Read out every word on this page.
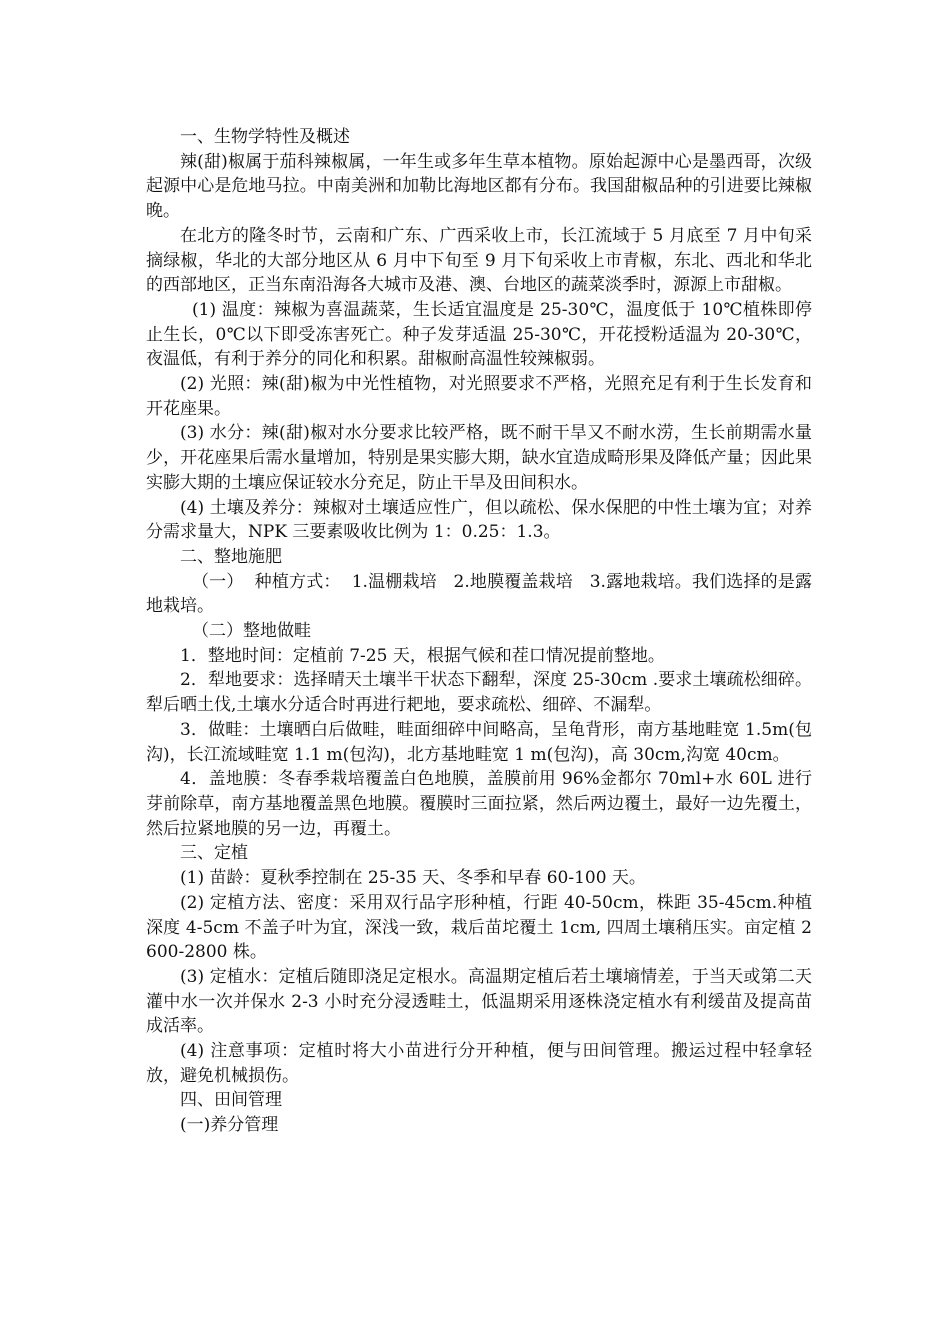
一、生物学特性及概述

辣(甜)椒属于茄科辣椒属，一年生或多年生草本植物。原始起源中心是墨西哥，次级起源中心是危地马拉。中南美洲和加勒比海地区都有分布。我国甜椒品种的引进要比辣椒晚。

在北方的隆冬时节，云南和广东、广西采收上市，长江流域于 5 月底至 7 月中旬采摘绿椒，华北的大部分地区从 6 月中下旬至 9 月下旬采收上市青椒，东北、西北和华北的西部地区，正当东南沿海各大城市及港、澳、台地区的蔬菜淡季时，源源上市甜椒。

(1) 温度：辣椒为喜温蔬菜，生长适宜温度是 25-30℃，温度低于 10℃植株即停止生长，0℃以下即受冻害死亡。种子发芽适温 25-30℃，开花授粉适温为 20-30℃，夜温低，有利于养分的同化和积累。甜椒耐高温性较辣椒弱。

(2) 光照：辣(甜)椒为中光性植物，对光照要求不严格，光照充足有利于生长发育和开花座果。

(3) 水分：辣(甜)椒对水分要求比较严格，既不耐干旱又不耐水涝，生长前期需水量少，开花座果后需水量增加，特别是果实膨大期，缺水宜造成畸形果及降低产量；因此果实膨大期的土壤应保证较水分充足，防止干旱及田间积水。

(4) 土壤及养分：辣椒对土壤适应性广，但以疏松、保水保肥的中性土壤为宜；对养分需求量大，NPK 三要素吸收比例为 1：0.25：1.3。

二、整地施肥

（一）  种植方式：  1.温棚栽培   2.地膜覆盖栽培   3.露地栽培。我们选择的是露地栽培。

（二）整地做畦

1．整地时间：定植前 7-25 天，根据气候和茬口情况提前整地。

2．犁地要求：选择晴天土壤半干状态下翻犁，深度 25-30cm .要求土壤疏松细碎。犁后晒土伐,土壤水分适合时再进行耙地，要求疏松、细碎、不漏犁。

3．做畦：土壤晒白后做畦，畦面细碎中间略高，呈龟背形，南方基地畦宽 1.5m(包沟)，长江流域畦宽 1.1 m(包沟)，北方基地畦宽 1 m(包沟)，高 30cm,沟宽 40cm。

4．盖地膜：冬春季栽培覆盖白色地膜，盖膜前用 96%金都尔 70ml+水 60L 进行芽前除草，南方基地覆盖黑色地膜。覆膜时三面拉紧，然后两边覆土，最好一边先覆土，然后拉紧地膜的另一边，再覆土。

三、定植

(1) 苗龄：夏秋季控制在 25-35 天、冬季和早春 60-100 天。

(2) 定植方法、密度：采用双行品字形种植，行距 40-50cm，株距 35-45cm.种植深度 4-5cm 不盖子叶为宜，深浅一致，栽后苗坨覆土 1cm, 四周土壤稍压实。亩定植 2600-2800 株。

(3) 定植水：定植后随即浇足定根水。高温期定植后若土壤墒情差，于当天或第二天灌中水一次并保水 2-3 小时充分浸透畦土，低温期采用逐株浇定植水有利缓苗及提高苗成活率。

(4) 注意事项：定植时将大小苗进行分开种植，便与田间管理。搬运过程中轻拿轻放，避免机械损伤。

四、田间管理

(一)养分管理
